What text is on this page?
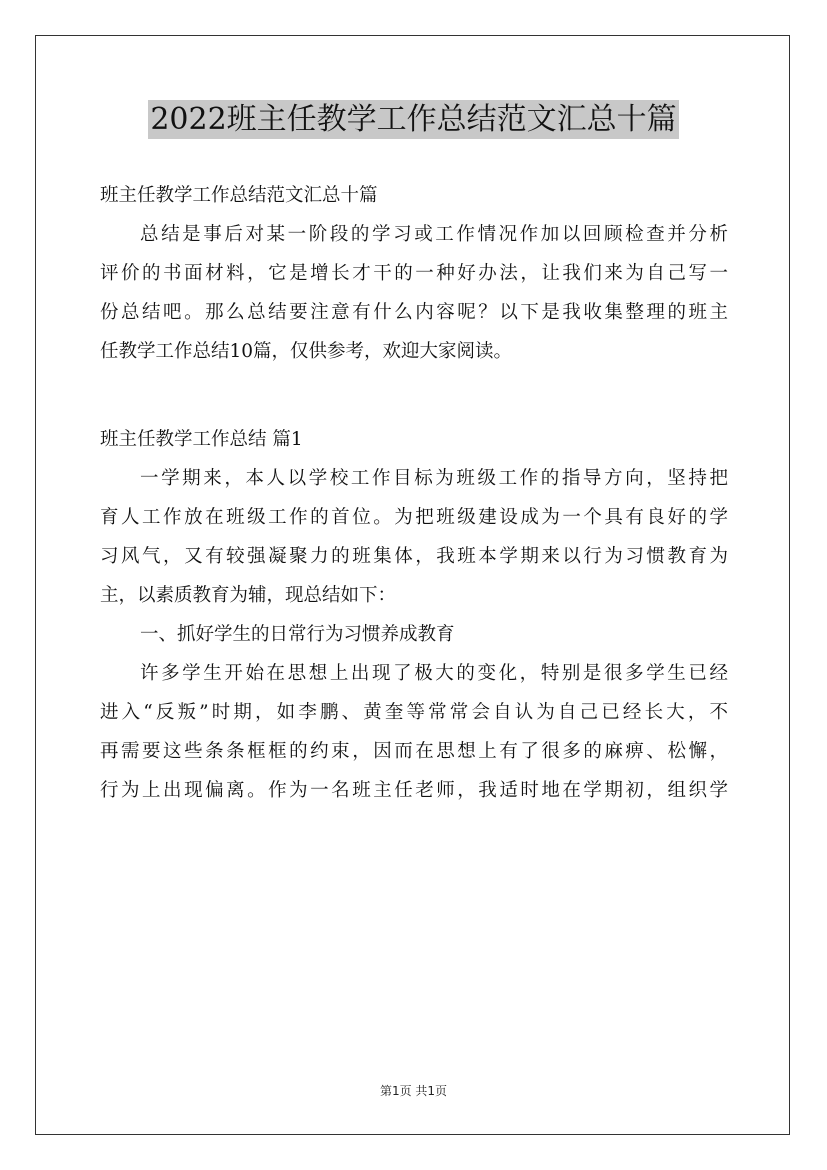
2022班主任教学工作总结范文汇总十篇
班主任教学工作总结范文汇总十篇
总结是事后对某一阶段的学习或工作情况作加以回顾检查并分析
评价的书面材料，它是增长才干的一种好办法，让我们来为自己写一
份总结吧。那么总结要注意有什么内容呢？以下是我收集整理的班主
任教学工作总结10篇，仅供参考，欢迎大家阅读。
班主任教学工作总结 篇1
一学期来，本人以学校工作目标为班级工作的指导方向，坚持把
育人工作放在班级工作的首位。为把班级建设成为一个具有良好的学
习风气，又有较强凝聚力的班集体，我班本学期来以行为习惯教育为
主，以素质教育为辅，现总结如下：
一、抓好学生的日常行为习惯养成教育
许多学生开始在思想上出现了极大的变化，特别是很多学生已经
进入“反叛”时期，如李鹏、黄奎等常常会自认为自己已经长大，不
再需要这些条条框框的约束，因而在思想上有了很多的麻痹、松懈，
行为上出现偏离。作为一名班主任老师，我适时地在学期初，组织学
第1页 共1页
